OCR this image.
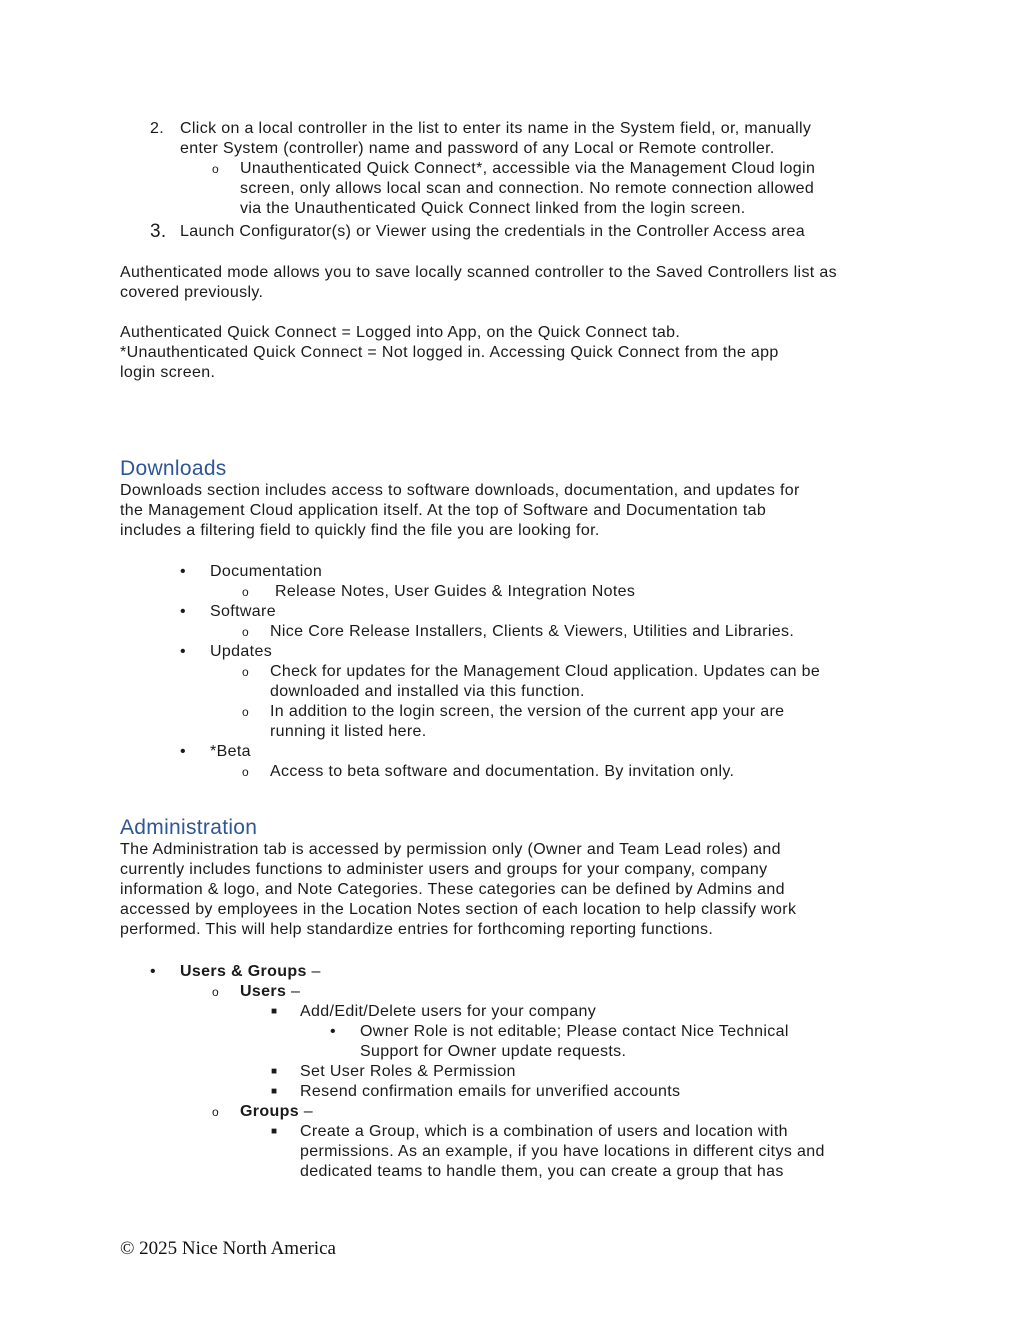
2. Click on a local controller in the list to enter its name in the System field, or, manually
enter System (controller) name and password of any Local or Remote controller.
o Unauthenticated Quick Connect*, accessible via the Management Cloud login
screen, only allows local scan and connection. No remote connection allowed
via the Unauthenticated Quick Connect linked from the login screen.
3. Launch Configurator(s) or Viewer using the credentials in the Controller Access area
Authenticated mode allows you to save locally scanned controller to the Saved Controllers list as
covered previously.
Authenticated Quick Connect = Logged into App, on the Quick Connect tab.
*Unauthenticated Quick Connect = Not logged in. Accessing Quick Connect from the app
login screen.
Downloads
Downloads section includes access to software downloads, documentation, and updates for
the Management Cloud application itself. At the top of Software and Documentation tab
includes a filtering field to quickly find the file you are looking for.
• Documentation
o Release Notes, User Guides & Integration Notes
• Software
o Nice Core Release Installers, Clients & Viewers, Utilities and Libraries.
• Updates
o Check for updates for the Management Cloud application. Updates can be
downloaded and installed via this function.
o In addition to the login screen, the version of the current app your are
running it listed here.
• *Beta
o Access to beta software and documentation. By invitation only.
Administration
The Administration tab is accessed by permission only (Owner and Team Lead roles) and
currently includes functions to administer users and groups for your company, company
information & logo, and Note Categories. These categories can be defined by Admins and
accessed by employees in the Location Notes section of each location to help classify work
performed. This will help standardize entries for forthcoming reporting functions.
• Users & Groups –
o Users –
■ Add/Edit/Delete users for your company
• Owner Role is not editable; Please contact Nice Technical
Support for Owner update requests.
■ Set User Roles & Permission
■ Resend confirmation emails for unverified accounts
o Groups –
■ Create a Group, which is a combination of users and location with
permissions. As an example, if you have locations in different citys and
dedicated teams to handle them, you can create a group that has
© 2025 Nice North America
